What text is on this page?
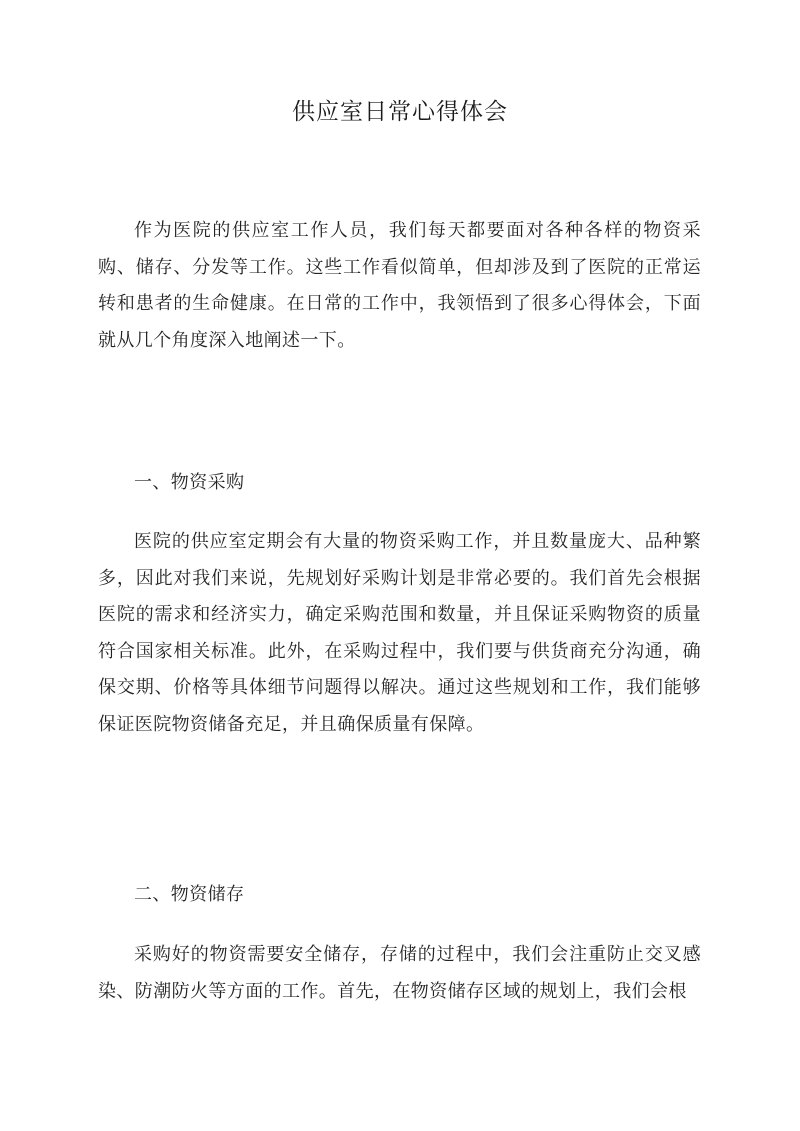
供应室日常心得体会

作为医院的供应室工作人员，我们每天都要面对各种各样的物资采购、储存、分发等工作。这些工作看似简单，但却涉及到了医院的正常运转和患者的生命健康。在日常的工作中，我领悟到了很多心得体会，下面就从几个角度深入地阐述一下。

一、物资采购

医院的供应室定期会有大量的物资采购工作，并且数量庞大、品种繁多，因此对我们来说，先规划好采购计划是非常必要的。我们首先会根据医院的需求和经济实力，确定采购范围和数量，并且保证采购物资的质量符合国家相关标准。此外，在采购过程中，我们要与供货商充分沟通，确保交期、价格等具体细节问题得以解决。通过这些规划和工作，我们能够保证医院物资储备充足，并且确保质量有保障。

二、物资储存

采购好的物资需要安全储存，存储的过程中，我们会注重防止交叉感染、防潮防火等方面的工作。首先，在物资储存区域的规划上，我们会根
